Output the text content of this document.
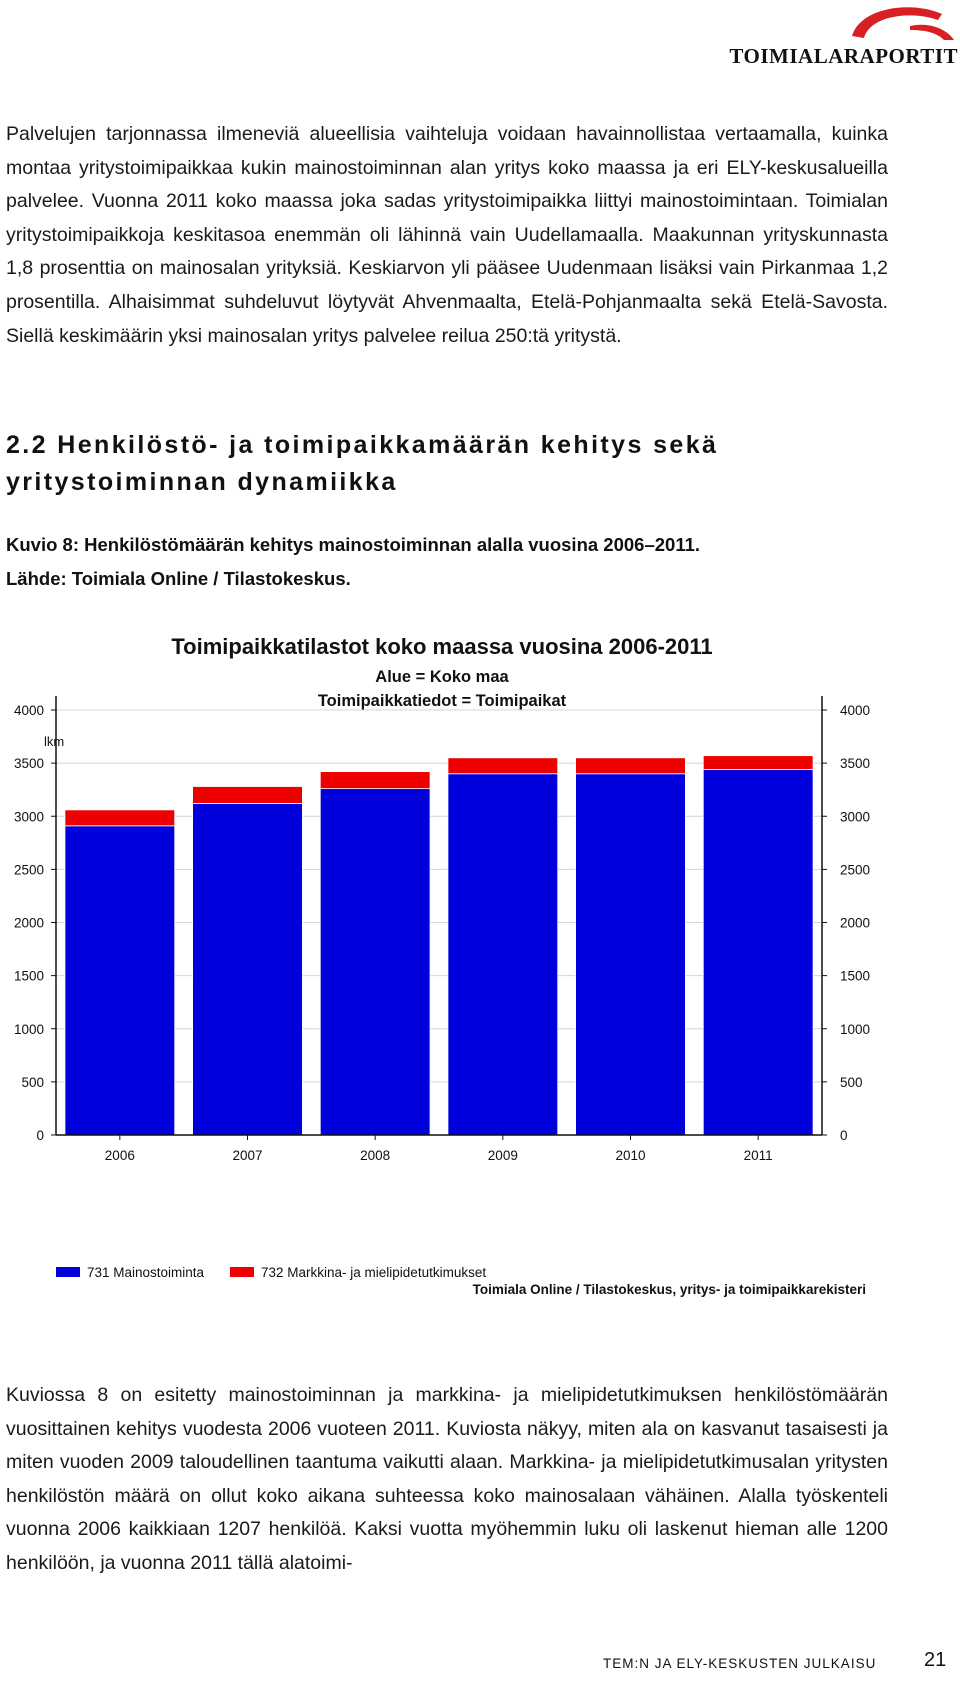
TOIMIALARAPORTIT

Palvelujen tarjonnassa ilmeneviä alueellisia vaihteluja voidaan havainnollistaa vertaamalla, kuinka montaa yritystoimipaikkaa kukin mainostoiminnan alan yritys koko maassa ja eri ELY-keskusalueilla palvelee. Vuonna 2011 koko maassa joka sadas yritystoimipaikka liittyi mainostoimintaan. Toimialan yritystoimipaikkoja keskitasoa enemmän oli lähinnä vain Uudellamaalla. Maakunnan yrityskunnasta 1,8 prosenttia on mainosalan yrityksiä. Keskiarvon yli pääsee Uudenmaan lisäksi vain Pirkanmaa 1,2 prosentilla. Alhaisimmat suhdeluvut löytyvät Ahvenmaalta, Etelä-Pohjanmaalta sekä Etelä-Savosta. Siellä keskimäärin yksi mainosalan yritys palvelee reilua 250:tä yritystä.

2.2 Henkilöstö- ja toimipaikkamäärän kehitys sekä yritystoiminnan dynamiikka
Kuvio 8: Henkilöstömäärän kehitys mainostoiminnan alalla vuosina 2006–2011.
Lähde: Toimiala Online / Tilastokeskus.
Toimipaikkatilastot koko maassa vuosina 2006-2011
Alue = Koko maa
Toimipaikkatiedot = Toimipaikat
lkm
0	0
500	500
1000	1000
1500	1500
2000	2000
2500	2500
3000	3000
3500	3500
4000	4000
2006	2007	2008	2009	2010	2011
731 Mainostoiminta	732 Markkina- ja mielipidetutkimukset
Toimiala Online / Tilastokeskus, yritys- ja toimipaikkarekisteri

Kuviossa 8 on esitetty mainostoiminnan ja markkina- ja mielipidetutkimuksen henkilöstömäärän vuosittainen kehitys vuodesta 2006 vuoteen 2011. Kuviosta näkyy, miten ala on kasvanut tasaisesti ja miten vuoden 2009 taloudellinen taantuma vaikutti alaan. Markkina- ja mielipidetutkimusalan yritysten henkilöstön määrä on ollut koko aikana suhteessa koko mainosalaan vähäinen. Alalla työskenteli vuonna 2006 kaikkiaan 1207 henkilöä. Kaksi vuotta myöhemmin luku oli laskenut hieman alle 1200 henkilöön, ja vuonna 2011 tällä alatoimi-

TEM:N JA ELY-KESKUSTEN JULKAISU 21
